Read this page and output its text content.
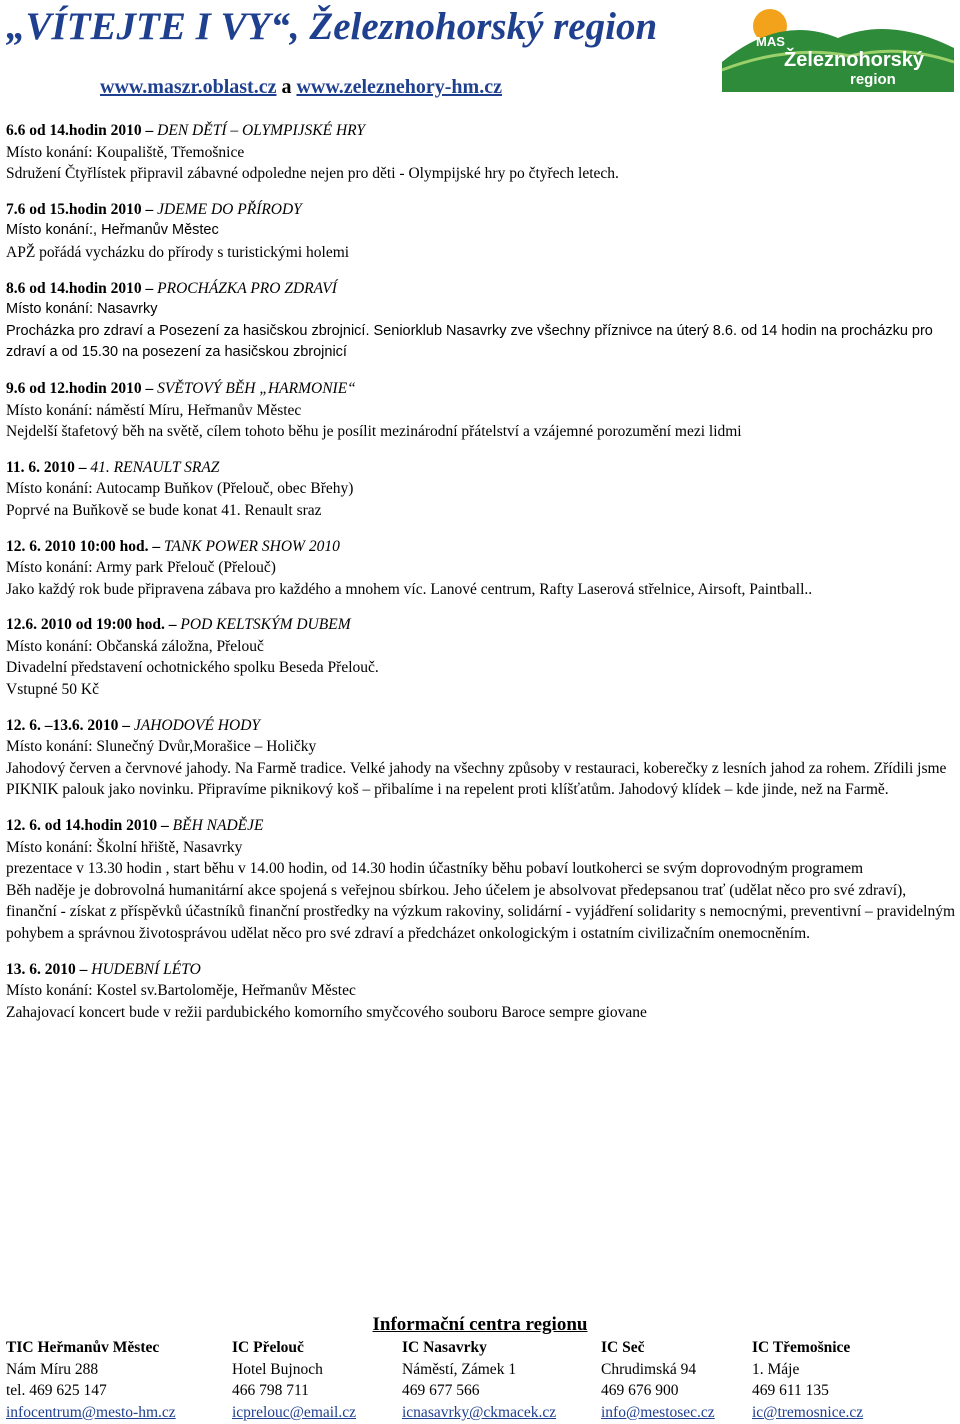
„VÍTEJTE I VY“, Železnohorský region
www.maszr.oblast.cz a www.zeleznehory-hm.cz
MAS
Železnohorský
region
6.6 od 14.hodin 2010 – DEN DĚTÍ – OLYMPIJSKÉ HRY
Místo konání: Koupaliště, Třemošnice
Sdružení Čtyřlístek připravil zábavné odpoledne nejen pro děti - Olympijské hry po čtyřech letech.
7.6 od 15.hodin 2010 – JDEME DO PŘÍRODY
Místo konání:, Heřmanův Městec
APŽ pořádá vycházku do přírody s turistickými holemi
8.6 od 14.hodin 2010 – PROCHÁZKA PRO ZDRAVÍ
Místo konání: Nasavrky
Procházka pro zdraví a Posezení za hasičskou zbrojnicí. Seniorklub Nasavrky zve všechny příznivce na úterý 8.6. od 14 hodin na procházku pro zdraví a od 15.30 na posezení za hasičskou zbrojnicí
9.6 od 12.hodin 2010 – SVĚTOVÝ BĚH „HARMONIE“
Místo konání: náměstí Míru, Heřmanův Městec
Nejdelší štafetový běh na světě, cílem tohoto běhu je posílit mezinárodní přátelství a vzájemné porozumění mezi lidmi
11. 6. 2010 – 41. RENAULT SRAZ
Místo konání: Autocamp Buňkov (Přelouč, obec Břehy)
Poprvé na Buňkově se bude konat 41. Renault sraz
12. 6. 2010 10:00 hod. – TANK POWER SHOW 2010
Místo konání: Army park Přelouč (Přelouč)
Jako každý rok bude připravena zábava pro každého a mnohem víc. Lanové centrum, Rafty Laserová střelnice, Airsoft, Paintball..
12.6. 2010 od 19:00 hod. – POD KELTSKÝM DUBEM
Místo konání: Občanská záložna, Přelouč
Divadelní představení ochotnického spolku Beseda Přelouč.
Vstupné 50 Kč
12. 6. –13.6. 2010 – JAHODOVÉ HODY
Místo konání: Slunečný Dvůr,Morašice – Holičky
Jahodový červen a červnové jahody. Na Farmě tradice. Velké jahody na všechny způsoby v restauraci, koberečky z lesních jahod za rohem. Zřídili jsme PIKNIK palouk jako novinku. Připravíme piknikový koš – přibalíme i na repelent proti klíšťatům. Jahodový klídek – kde jinde, než na Farmě.
12. 6. od 14.hodin 2010 – BĚH NADĚJE
Místo konání: Školní hřiště, Nasavrky
prezentace v 13.30 hodin , start běhu v 14.00 hodin, od 14.30 hodin účastníky běhu pobaví loutkoherci se svým doprovodným programem
Běh naděje je dobrovolná humanitární akce spojená s veřejnou sbírkou. Jeho účelem je absolvovat předepsanou trať (udělat něco pro své zdraví), finanční - získat z příspěvků účastníků finanční prostředky na výzkum rakoviny, solidární - vyjádření solidarity s nemocnými, preventivní – pravidelným pohybem a správnou životosprávou udělat něco pro své zdraví a předcházet onkologickým i ostatním civilizačním onemocněním.
13. 6. 2010 – HUDEBNÍ LÉTO
Místo konání: Kostel sv.Bartoloměje, Heřmanův Městec
Zahajovací koncert bude v režii pardubického komorního smyčcového souboru Baroce sempre giovane
Informační centra regionu
TIC Heřmanův Městec
Nám Míru 288
tel. 469 625 147
infocentrum@mesto-hm.cz
IC Přelouč
Hotel Bujnoch
466 798 711
icprelouc@email.cz
IC Nasavrky
Náměstí, Zámek 1
469 677 566
icnasavrky@ckmacek.cz
IC Seč
Chrudimská 94
469 676 900
info@mestosec.cz
IC Třemošnice
1. Máje
469 611 135
ic@tremosnice.cz
